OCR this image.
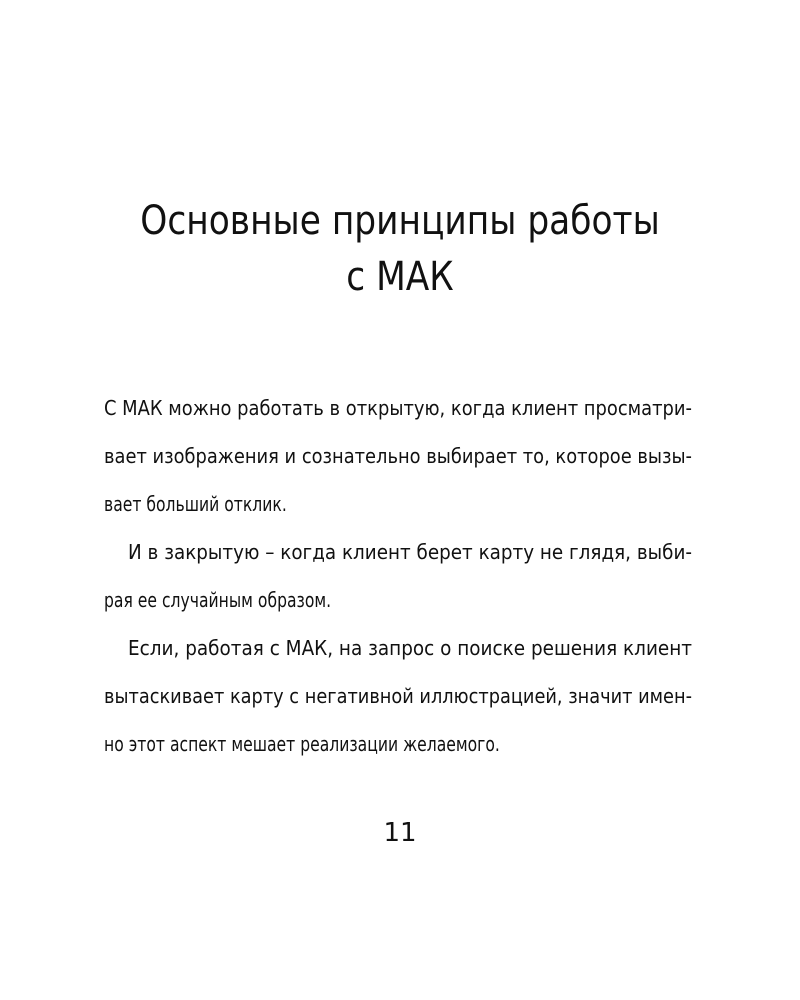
Основные принципы работы
с МАК
С МАК можно работать в открытую, когда клиент просматри-
вает изображения и сознательно выбирает то, которое вызы-
вает больший отклик.
И в закрытую – когда клиент берет карту не глядя, выби-
рая ее случайным образом.
Если, работая с МАК, на запрос о поиске решения клиент
вытаскивает карту с негативной иллюстрацией, значит имен-
но этот аспект мешает реализации желаемого.
11
